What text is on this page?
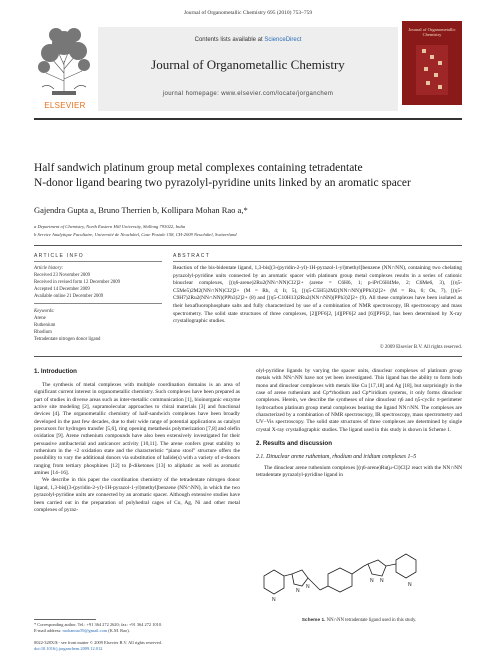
Journal of Organometallic Chemistry 695 (2010) 753–759
ELSEVIER
Contents lists available at ScienceDirect
Journal of Organometallic Chemistry
journal homepage: www.elsevier.com/locate/jorganchem
Journal of Organometallic Chemistry
Half sandwich platinum group metal complexes containing tetradentate
N-donor ligand bearing two pyrazolyl-pyridine units linked by an aromatic spacer
Gajendra Gupta a, Bruno Therrien b, Kollipara Mohan Rao a,*
a Department of Chemistry, North Eastern Hill University, Shillong 793022, India
b Service Analytique Facultaire, Université de Neuchâtel, Case Postale 158, CH-2009 Neuchâtel, Switzerland
ARTICLE INFO
Article history:
Received 23 November 2009
Received in revised form 12 December 2009
Accepted 14 December 2009
Available online 21 December 2009
Keywords:
Arene
Ruthenium
Rhodium
Tetradentate nitrogen donor ligand
ABSTRACT
Reaction of the bis-bidentate ligand, 1,3-bis[(3-(pyridin-2-yl)-1H-pyrazol-1-yl)methyl]benzene (NN∩NN), containing two chelating pyrazolyl-pyridine units connected by an aromatic spacer with platinum group metal complexes results in a series of cationic binuclear complexes, [(η6-arene)2Ru2(NN∩NN)Cl2]2+ (arene = C6H6, 1; p-iPrC6H4Me, 2; C6Me6, 3), [(η5-C5Me5)2M2(NN∩NN)Cl2]2+ (M = Rh, 4; Ir, 5), [(η5-C5H5)2M2(NN∩NN)(PPh3)2]2+ (M = Ru, 6; Os, 7), [(η5-C9H7)2Ru2(NN∩NN)(PPh3)2]2+ (8) and [(η5-C10H13)2Ru2(NN∩NN)(PPh3)2]2+ (9). All these complexes have been isolated as their hexafluorophosphate salts and fully characterized by use of a combination of NMR spectroscopy, IR spectroscopy and mass spectrometry. The solid state structures of three complexes, [2][PF6]2, [4][PF6]2 and [6][PF6]2, has been determined by X-ray crystallographic studies.
© 2009 Elsevier B.V. All rights reserved.
1. Introduction

The synthesis of metal complexes with multiple coordination domains is an area of significant current interest in organometallic chemistry. Such complexes have been prepared as part of studies in diverse areas such as inter-metallic communication [1], bioinorganic enzyme active site modeling [2], supramolecular approaches to chiral materials [3] and functional devices [4]. The organometallic chemistry of half-sandwich complexes have been broadly developed in the past few decades, due to their wide range of potential applications as catalyst precursors for hydrogen transfer [5,6], ring opening metathesis polymerization [7,8] and olefin oxidation [9]. Arene ruthenium compounds have also been extensively investigated for their persuasive antibacterial and anticancer activity [10,11]. The arene confers great stability to ruthenium in the +2 oxidation state and the characteristic “piano stool” structure offers the possibility to vary the additional donors via substitution of halide(s) with a variety of σ-donors ranging from tertiary phosphines [12] to β-diketones [13] to aliphatic as well as aromatic amines [14–16].

We describe in this paper the coordination chemistry of the tetradentate nitrogen donor ligand, 1,3-bis[(3-(pyridin-2-yl)-1H-pyrazol-1-yl)methyl]benzene (NN∩NN), in which the two pyrazolyl-pyridine units are connected by an aromatic spacer. Although extensive studies have been carried out in the preparation of polyhedral cages of Cu, Ag, Ni and other metal complexes of pyraz-

olyl-pyridine ligands by varying the spacer units, dinuclear complexes of platinum group metals with NN∩NN have not yet been investigated. This ligand has the ability to form both mono and dinuclear complexes with metals like Cu [17,18] and Ag [18], but surprisingly in the case of arene ruthenium and Cp*rhodium and Cp*iridium systems, it only forms dinuclear complexes. Herein, we describe the syntheses of nine dinuclear η6 and η5-cyclic π-perimeter hydrocarbon platinum group metal complexes bearing the ligand NN∩NN. The complexes are characterized by a combination of NMR spectroscopy, IR spectroscopy, mass spectrometry and UV–Vis spectroscopy. The solid state structures of three complexes are determined by single crystal X-ray crystallographic studies. The ligand used in this study is shown in Scheme 1.

2. Results and discussion
2.1. Dinuclear arene ruthenium, rhodium and iridium complexes 1–5

The dinuclear arene ruthenium complexes [(η6-arene)Ru(μ-Cl)Cl]2 react with the NN∩NN tetradentate pyrazolyl-pyridine ligand in

N
N
N
N N
N
Scheme 1. NN∩NN tetradentate ligand used in this study.
* Corresponding author. Tel.: +91 364 272 2620; fax: +91 364 272 1010.
E-mail address: mohanrao59@gmail.com (K.M. Rao).
0022-328X/$ - see front matter © 2009 Elsevier B.V. All rights reserved.
doi:10.1016/j.jorganchem.2009.12.012
